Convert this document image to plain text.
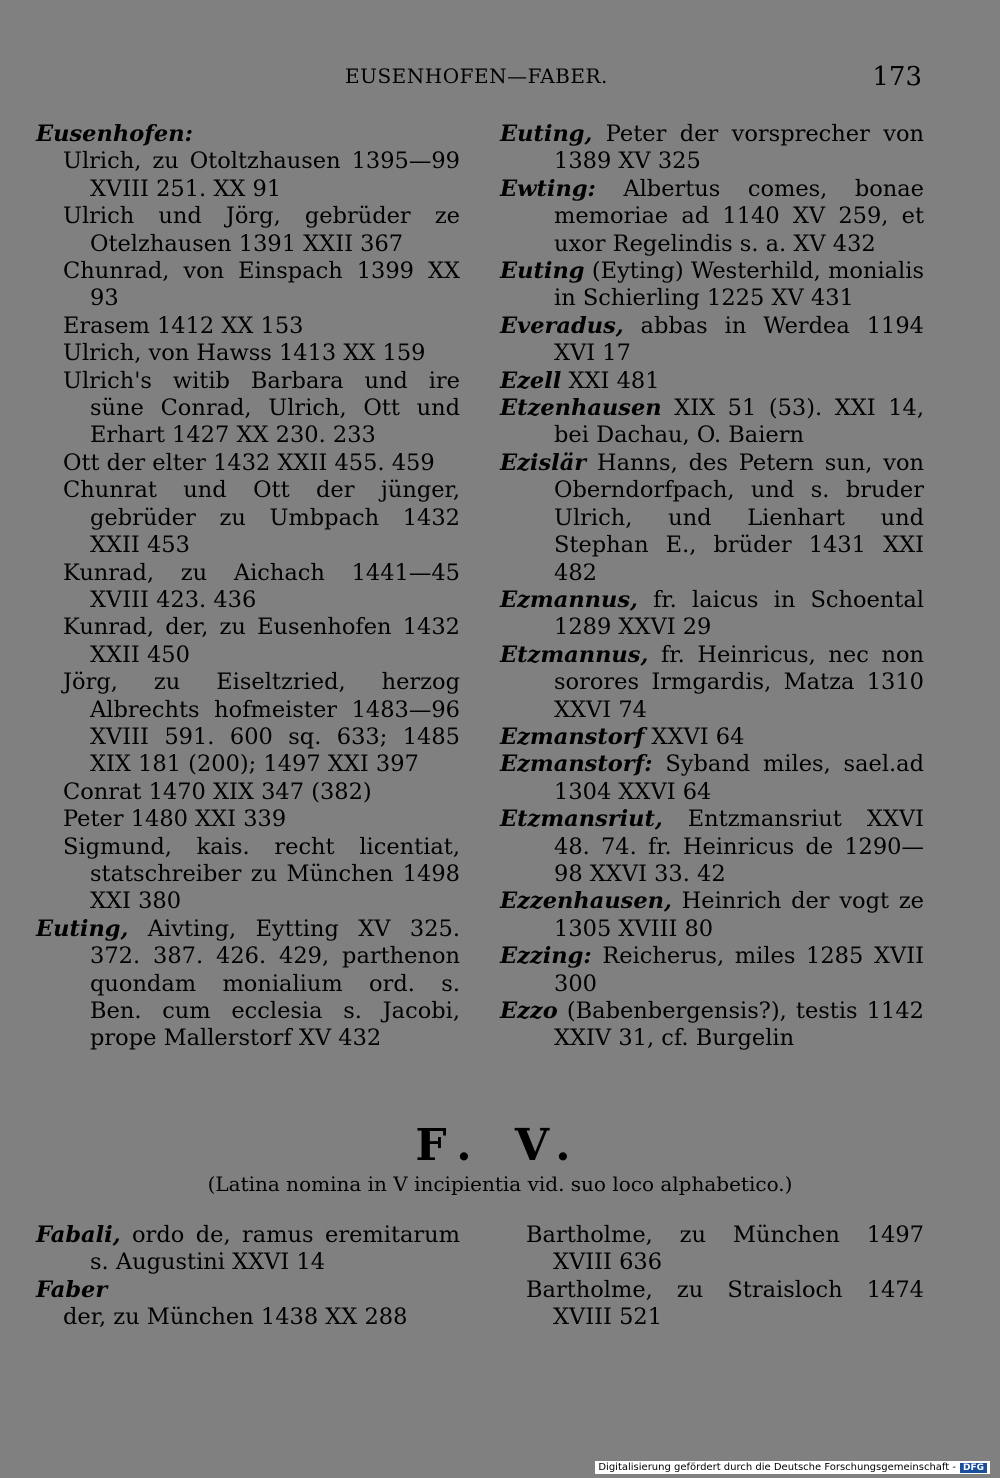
EUSENHOFEN—FABER.	173

Eusenhofen:

Ulrich, zu Otoltzhausen 1395—99 XVIII 251. XX 91

Ulrich und Jörg, gebrüder ze Otelzhausen 1391 XXII 367

Chunrad, von Einspach 1399 XX 93

Erasem 1412 XX 153

Ulrich, von Hawss 1413 XX 159

Ulrich's witib Barbara und ire süne Conrad, Ulrich, Ott und Erhart 1427 XX 230. 233

Ott der elter 1432 XXII 455. 459

Chunrat und Ott der jünger, gebrüder zu Umbpach 1432 XXII 453

Kunrad, zu Aichach 1441—45 XVIII 423. 436

Kunrad, der, zu Eusenhofen 1432 XXII 450

Jörg, zu Eiseltzried, herzog Albrechts hofmeister 1483—96 XVIII 591. 600 sq. 633; 1485 XIX 181 (200); 1497 XXI 397

Conrat 1470 XIX 347 (382)

Peter 1480 XXI 339

Sigmund, kais. recht licentiat, statschreiber zu München 1498 XXI 380

Euting, Aivting, Eytting XV 325. 372. 387. 426. 429, parthenon quondam monialium ord. s. Ben. cum ecclesia s. Jacobi, prope Mallerstorf XV 432

Euting, Peter der vorsprecher von 1389 XV 325

Ewting: Albertus comes, bonae memoriae ad 1140 XV 259, et uxor Regelindis s. a. XV 432

Euting (Eyting) Westerhild, monialis in Schierling 1225 XV 431

Everadus, abbas in Werdea 1194 XVI 17

Ezell XXI 481

Etzenhausen XIX 51 (53). XXI 14, bei Dachau, O. Baiern

Ezislär Hanns, des Petern sun, von Oberndorfpach, und s. bruder Ulrich, und Lienhart und Stephan E., brüder 1431 XXI 482

Ezmannus, fr. laicus in Schoental 1289 XXVI 29

Etzmannus, fr. Heinricus, nec non sorores Irmgardis, Matza 1310 XXVI 74

Ezmanstorf XXVI 64

Ezmanstorf: Syband miles, sael.ad 1304 XXVI 64

Etzmansriut, Entzmansriut XXVI 48. 74. fr. Heinricus de 1290—98 XXVI 33. 42

Ezzenhausen, Heinrich der vogt ze 1305 XVIII 80

Ezzing: Reicherus, miles 1285 XVII 300

Ezzo (Babenbergensis?), testis 1142 XXIV 31, cf. Burgelin

F. V.
(Latina nomina in V incipientia vid. suo loco alphabetico.)

Fabali, ordo de, ramus eremitarum s. Augustini XXVI 14

Faber

der, zu München 1438 XX 288

Bartholme, zu München 1497 XVIII 636

Bartholme, zu Straisloch 1474 XVIII 521

Digitalisierung gefördert durch die Deutsche Forschungsgemeinschaft - DFG
